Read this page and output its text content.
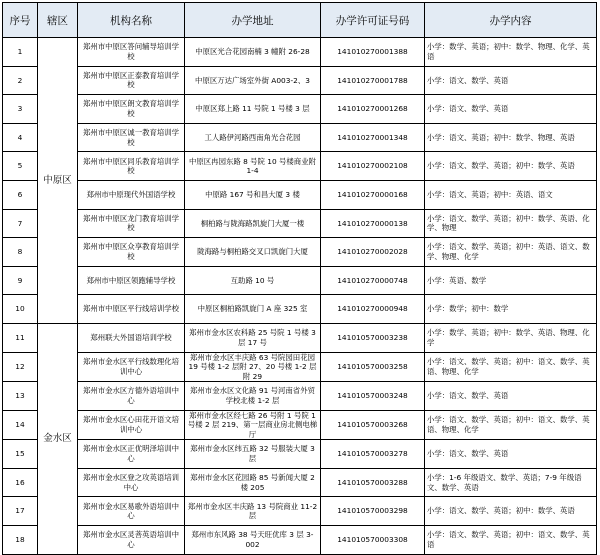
序号	辖区	机构名称	办学地址	办学许可证号码	办学内容
1	中原区	郑州市中原区答问辅导培训学校	中原区光合花园南楠 3 幢附 26-28	141010270001388	小学：数学、英语；初中：数学、物理、化学、英语
2		郑州市中原区正泰教育培训学校	中原区万达广场室外街 A003-2、3	141010270001788	小学：语文、数学、英语
3		郑州市中原区朗文教育培训学校	中原区郑上路 11 号院 1 号楼 3 层	141010270001268	小学：语文、数学、英语
4		郑州市中原区诚一教育培训学校	工人路伊河路西南角光合花园	141010270001348	小学：语文、英语；初中：数学、物理、英语
5		郑州市中原区同乐教育培训学校	中原区冉园东路 8 号院 10 号楼商业附 1-4	141010270002108	小学：语文、数学、英语；初中：数学、英语
6		郑州市中原现代外国语学校	中原路 167 号和昌大厦 3 楼	141010270000168	小学：语文、英语；初中：英语、语文
7		郑州市中原区龙门教育培训学校	桐柏路与陇海路凯旋门大厦一楼	141010270000138	小学：语文、数学、英语；初中：数学、英语、化学、物理
8		郑州市中原区众享教育培训学校	陇海路与桐柏路交叉口凯旋门大厦	141010270002028	小学：语文、数学、英语；初中：英语、语文、数学、物理、化学
9		郑州市中原区领跑辅导学校	互助路 10 号	141010270000748	小学：英语、数学
10		郑州市中原区平行线培训学校	中原区桐柏路凯旋门 A 座 325 室	141010270000948	小学：数学；初中：数学
11	金水区	郑州联大外国语培训学校	郑州市金水区农科路 25 号院 1 号楼 3 层 17 号	141010570003238	小学：数学、英语；初中：数学、英语、物理、化学
12		郑州市金水区平行线数理化培训中心	郑州市金水区丰庆路 63 号院园田花园 19 号楼 1-2 层附 27、20 号楼 1-2 层附 29	141010570003258	小学：语文、数学、英语；初中：语文、数学、英语、物理、化学
13		郑州市金水区方德外语培训中心	郑州市金水区文化路 91 号河南省外贸学校北楼 1-2 层	141010570003248	小学：语文、数学、英语
14		郑州市金水区心田花开语文培训中心	郑州市金水区经七路 26 号附 1 号院 1 号楼 2 层 219、第一层商业房北侧电梯厅	141010570003268	小学：语文、数学、英语；初中：语文、数学、英语、物理、化学
15		郑州市金水区正优明泽培训中心	郑州市金水区纬五路 32 号服装大厦 3 层	141010570003278	小学：语文、数学、英语
16		郑州市金水区登之攻英语培训中心	郑州市金水区花园路 85 号新闻大厦 2 楼 205	141010570003288	小学：1-6 年级语文、数学、英语；7-9 年级语文、数学、英语
17		郑州市金水区易歌外语培训中心	郑州市金水区丰庆路 13 号院商业 11-2 层	141010570003298	小学：语文、数学、英语；初中：数学、英语
18		郑州市金水区灵菩英语培训中心	郑州市东风路 38 号天旺优库 3 层 3-002	141010570003308	小学：语文、数学、英语；初中：语文、数学、英语
